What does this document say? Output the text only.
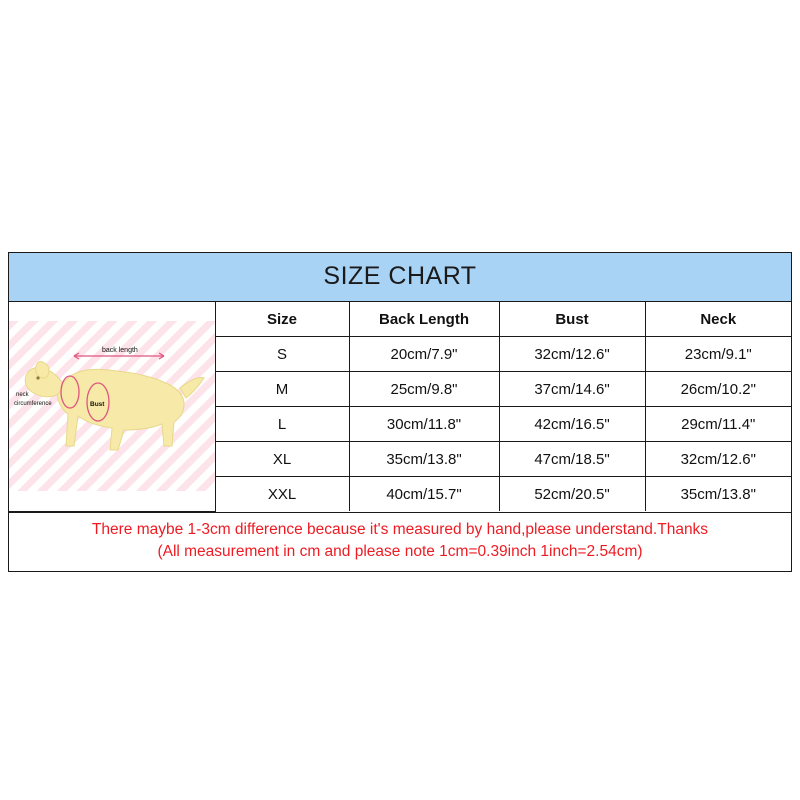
SIZE CHART
back length
neck
circumference Bust	Size	Back Length	Bust	Neck
	S	20cm/7.9"	32cm/12.6"	23cm/9.1"
	M	25cm/9.8"	37cm/14.6"	26cm/10.2"
	L	30cm/11.8"	42cm/16.5"	29cm/11.4"
	XL	35cm/13.8"	47cm/18.5"	32cm/12.6"
	XXL	40cm/15.7"	52cm/20.5"	35cm/13.8"
There maybe 1-3cm difference because it's measured by hand,please understand.Thanks
(All measurement in cm and please note 1cm=0.39inch 1inch=2.54cm)
